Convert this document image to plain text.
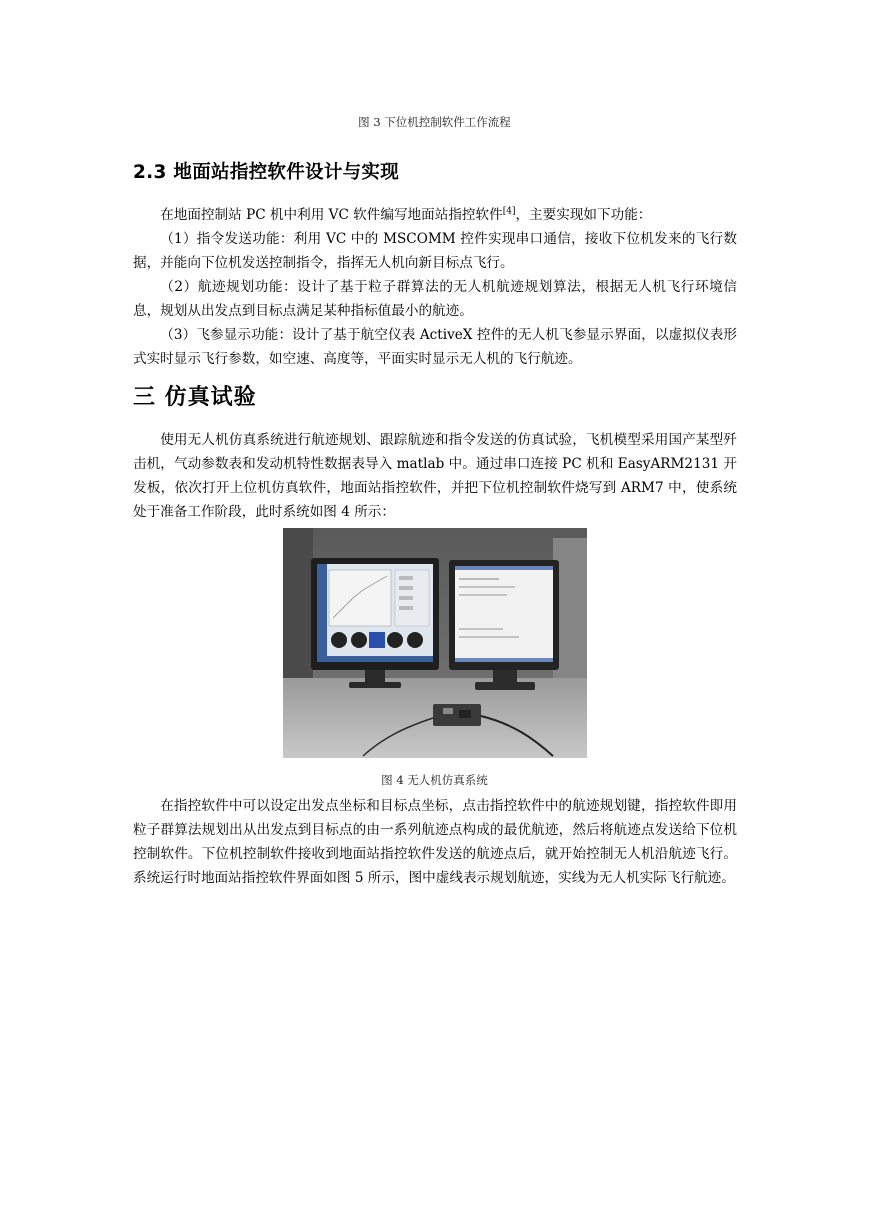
图 3 下位机控制软件工作流程
2.3 地面站指控软件设计与实现
在地面控制站 PC 机中利用 VC 软件编写地面站指控软件[4]，主要实现如下功能：
（1）指令发送功能：利用 VC 中的 MSCOMM 控件实现串口通信，接收下位机发来的飞行数据，并能向下位机发送控制指令，指挥无人机向新目标点飞行。
（2）航迹规划功能：设计了基于粒子群算法的无人机航迹规划算法，根据无人机飞行环境信息，规划从出发点到目标点满足某种指标值最小的航迹。
（3）飞参显示功能：设计了基于航空仪表 ActiveX 控件的无人机飞参显示界面，以虚拟仪表形式实时显示飞行参数，如空速、高度等，平面实时显示无人机的飞行航迹。
三 仿真试验
使用无人机仿真系统进行航迹规划、跟踪航迹和指令发送的仿真试验，飞机模型采用国产某型歼击机，气动参数表和发动机特性数据表导入 matlab 中。通过串口连接 PC 机和 EasyARM2131 开发板，依次打开上位机仿真软件，地面站指控软件，并把下位机控制软件烧写到 ARM7 中，使系统处于准备工作阶段，此时系统如图 4 所示：
图 4 无人机仿真系统
在指控软件中可以设定出发点坐标和目标点坐标，点击指控软件中的航迹规划键，指控软件即用粒子群算法规划出从出发点到目标点的由一系列航迹点构成的最优航迹，然后将航迹点发送给下位机控制软件。下位机控制软件接收到地面站指控软件发送的航迹点后，就开始控制无人机沿航迹飞行。系统运行时地面站指控软件界面如图 5 所示，图中虚线表示规划航迹，实线为无人机实际飞行航迹。
